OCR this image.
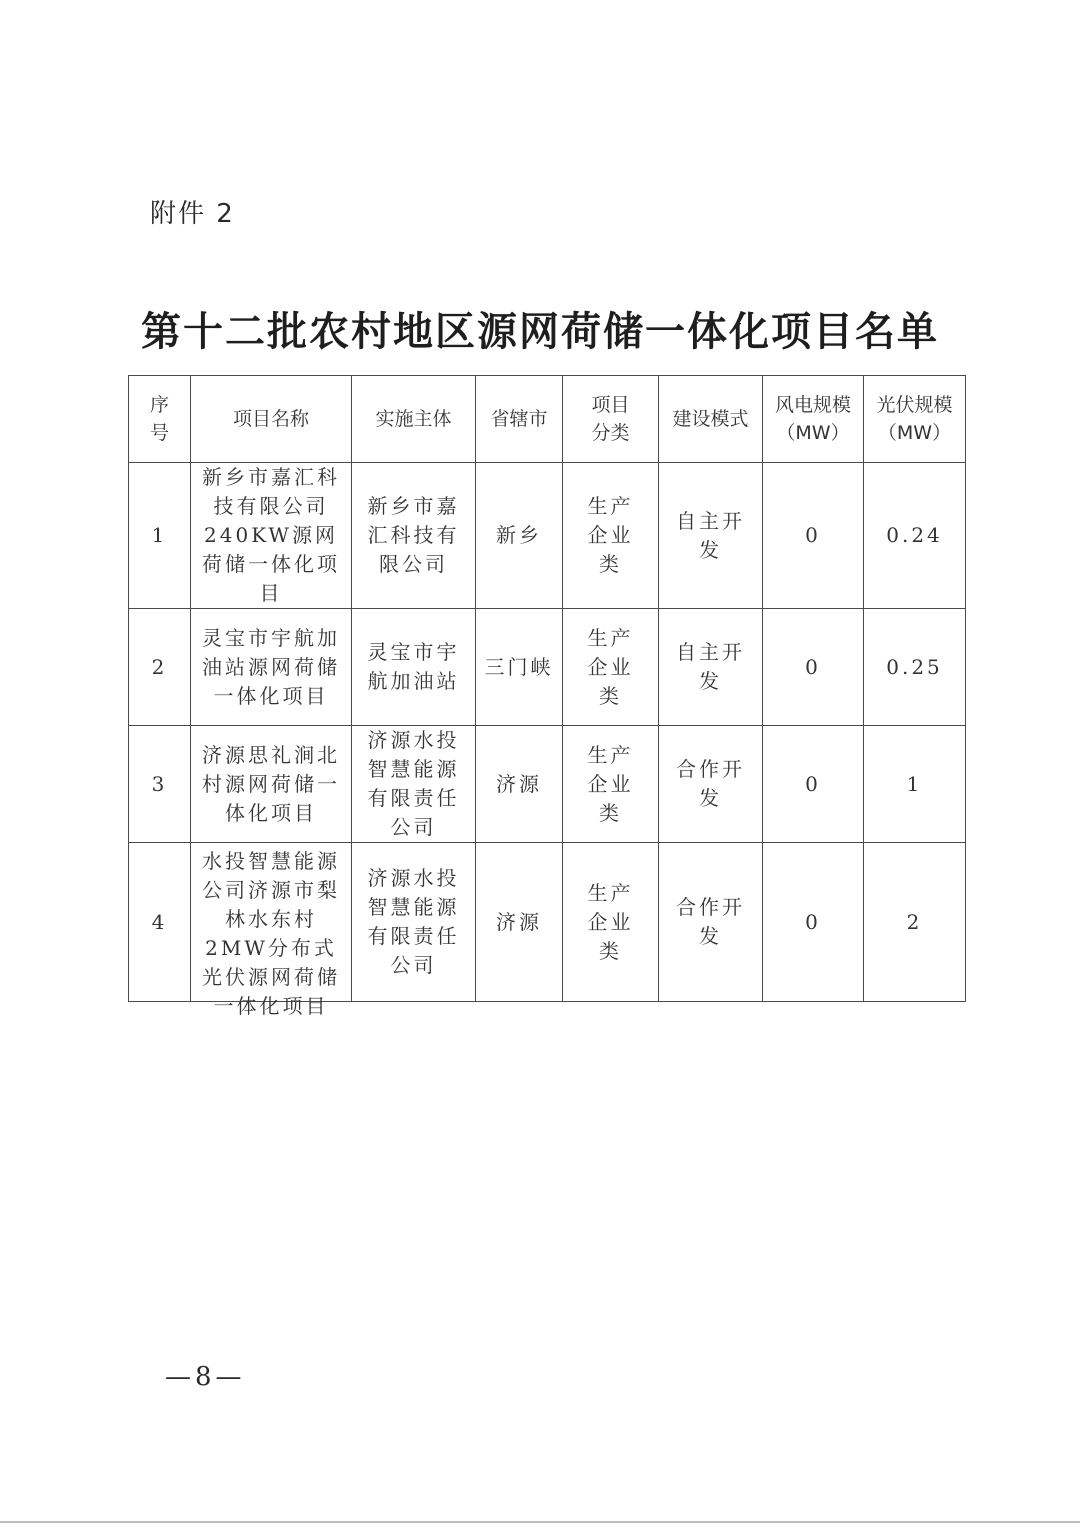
附件 2
第十二批农村地区源网荷储一体化项目名单
序号	项目名称	实施主体	省辖市	项目分类	建设模式	风电规模（MW）	光伏规模（MW）
1	新乡市嘉汇科技有限公司240KW源网荷储一体化项目	新乡市嘉汇科技有限公司	新乡	生产企业类	自主开发	0	0.24
2	灵宝市宇航加油站源网荷储一体化项目	灵宝市宇航加油站	三门峡	生产企业类	自主开发	0	0.25
3	济源思礼涧北村源网荷储一体化项目	济源水投智慧能源有限责任公司	济源	生产企业类	合作开发	0	1
4	水投智慧能源公司济源市梨林水东村2MW分布式光伏源网荷储一体化项目	济源水投智慧能源有限责任公司	济源	生产企业类	合作开发	0	2
—8—
